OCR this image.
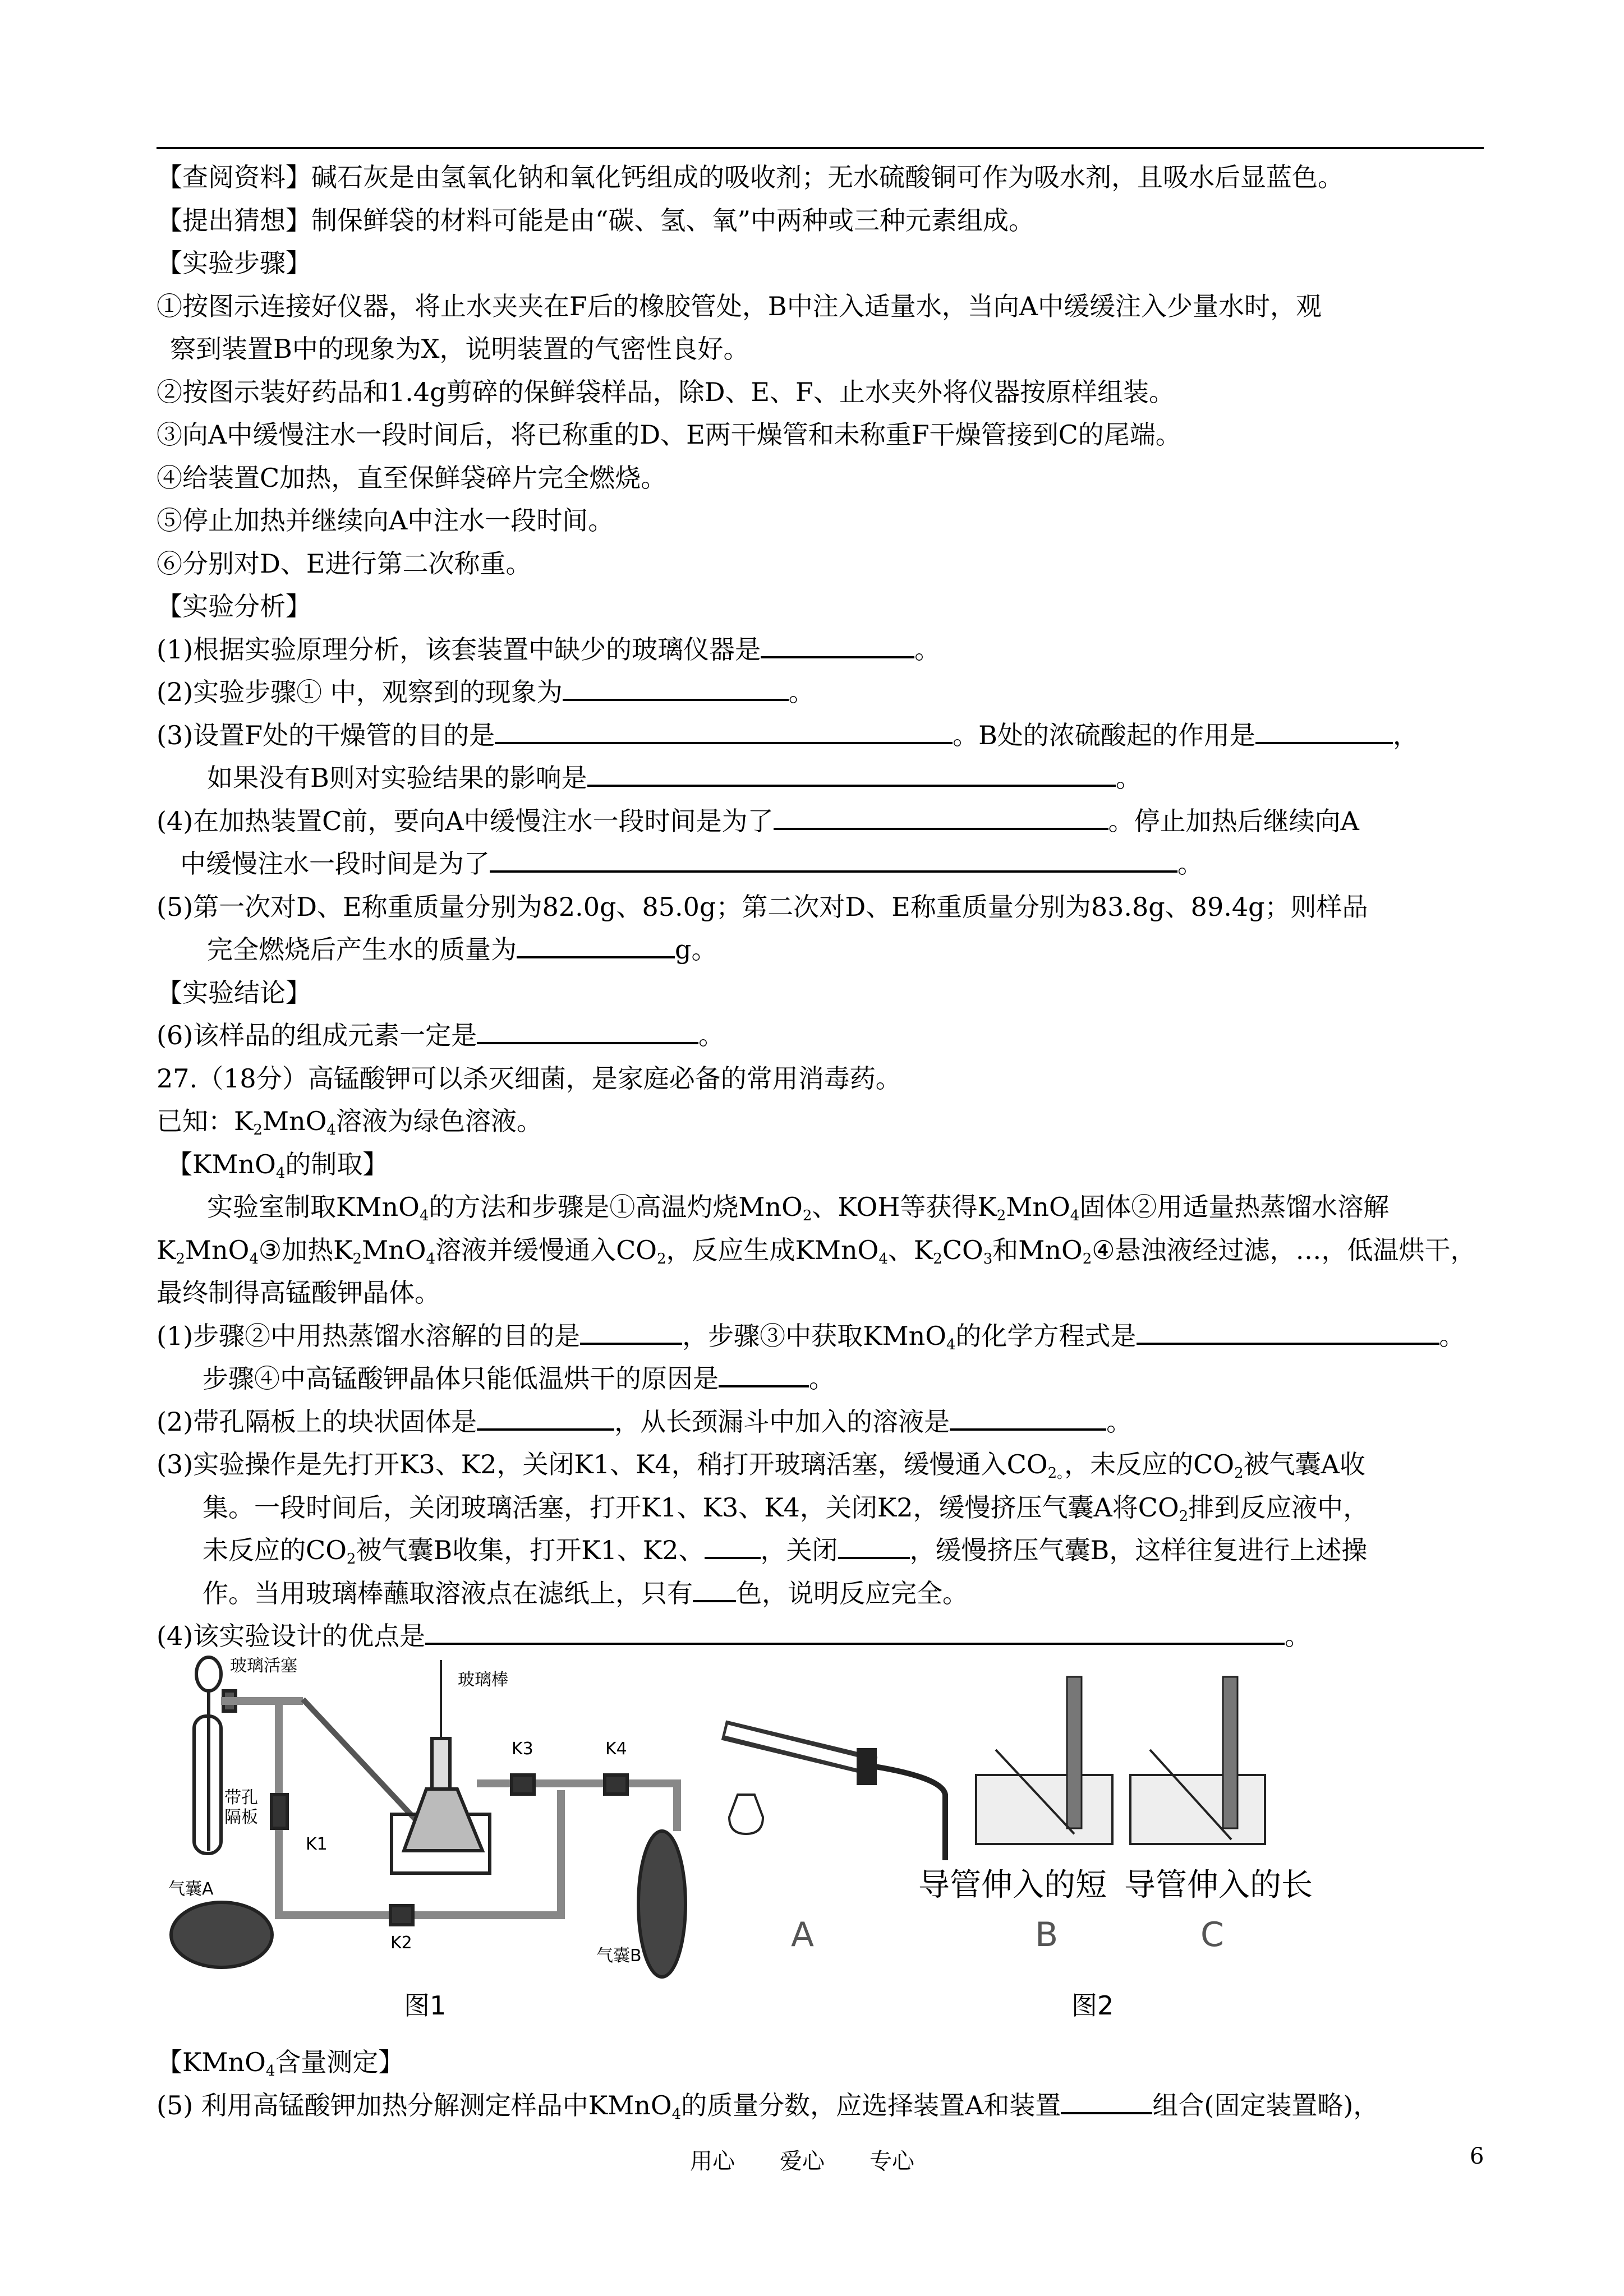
【查阅资料】碱石灰是由氢氧化钠和氧化钙组成的吸收剂；无水硫酸铜可作为吸水剂，且吸水后显蓝色。
【提出猜想】制保鲜袋的材料可能是由“碳、氢、氧”中两种或三种元素组成。
【实验步骤】
①按图示连接好仪器，将止水夹夹在F后的橡胶管处，B中注入适量水，当向A中缓缓注入少量水时，观
察到装置B中的现象为X，说明装置的气密性良好。
②按图示装好药品和1.4g剪碎的保鲜袋样品，除D、E、F、止水夹外将仪器按原样组装。
③向A中缓慢注水一段时间后，将已称重的D、E两干燥管和未称重F干燥管接到C的尾端。
④给装置C加热，直至保鲜袋碎片完全燃烧。
⑤停止加热并继续向A中注水一段时间。
⑥分别对D、E进行第二次称重。
【实验分析】
(1)根据实验原理分析，该套装置中缺少的玻璃仪器是	。
(2)实验步骤① 中，观察到的现象为	。
(3)设置F处的干燥管的目的是	。B处的浓硫酸起的作用是	，
如果没有B则对实验结果的影响是	。
(4)在加热装置C前，要向A中缓慢注水一段时间是为了	。停止加热后继续向A
中缓慢注水一段时间是为了	。
(5)第一次对D、E称重质量分别为82.0g、85.0g；第二次对D、E称重质量分别为83.8g、89.4g；则样品
完全燃烧后产生水的质量为	g。
【实验结论】
(6)该样品的组成元素一定是	。
27.（18分）高锰酸钾可以杀灭细菌，是家庭必备的常用消毒药。
已知：$K_2MnO_4$溶液为绿色溶液。
【KMnO$_4$的制取】
实验室制取KMnO$_4$的方法和步骤是①高温灼烧MnO$_2$、KOH等获得$K_2MnO_4$固体②用适量热蒸馏水溶解
$K_2MnO_4③$加热$K_2MnO_4$溶液并缓慢通入$CO_2$，反应生成KMnO$_4$、$K_2CO_3$和MnO$_2$④悬浊液经过滤，…，低温烘干，
最终制得高锰酸钾晶体。
(1)步骤②中用热蒸馏水溶解的目的是	，步骤③中获取KMnO$_4$的化学方程式是	。
步骤④中高锰酸钾晶体只能低温烘干的原因是	。
(2)带孔隔板上的块状固体是	，从长颈漏斗中加入的溶液是	。
(3)实验操作是先打开K3、K2，关闭K1、K4，稍打开玻璃活塞，缓慢通入$CO_{2。}$，未反应的$CO_2$被气囊A收
集。一段时间后，关闭玻璃活塞，打开K1、K3、K4，关闭K2，缓慢挤压气囊A将$CO_2$排到反应液中，
未反应的$CO_2$被气囊B收集，打开K1、K2、 ，关闭	，缓慢挤压气囊B，这样往复进行上述操
作。当用玻璃棒蘸取溶液点在滤纸上，只有 色，说明反应完全。
(4)该实验设计的优点是	。
玻璃活塞
玻璃棒
K3	K4
带孔
隔板
K1
气囊A
K2
气囊B
导管伸入的短 导管伸入的长
A	B	C
图1	图2
【KMnO$_4$含量测定】
(5) 利用高锰酸钾加热分解测定样品中KMnO$_4$的质量分数，应选择装置A和装置	组合(固定装置略)，
用心　　爱心　　专心	6
